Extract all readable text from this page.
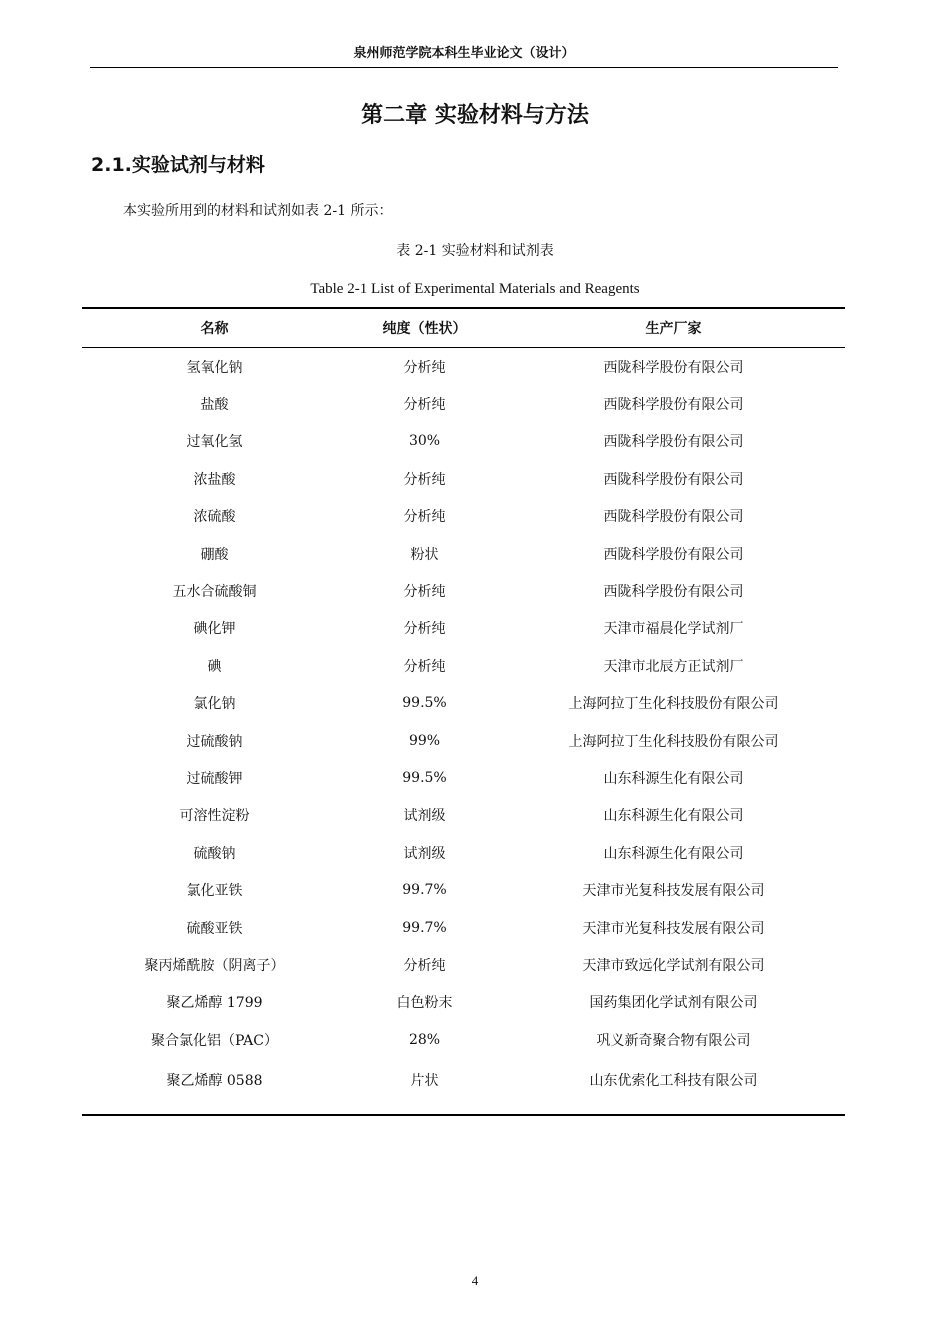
泉州师范学院本科生毕业论文（设计）
第二章 实验材料与方法
2.1.实验试剂与材料
本实验所用到的材料和试剂如表 2-1 所示：
表 2-1 实验材料和试剂表
Table 2-1 List of Experimental Materials and Reagents
名称	纯度（性状）	生产厂家
氢氧化钠	分析纯	西陇科学股份有限公司
盐酸	分析纯	西陇科学股份有限公司
过氧化氢	30%	西陇科学股份有限公司
浓盐酸	分析纯	西陇科学股份有限公司
浓硫酸	分析纯	西陇科学股份有限公司
硼酸	粉状	西陇科学股份有限公司
五水合硫酸铜	分析纯	西陇科学股份有限公司
碘化钾	分析纯	天津市福晨化学试剂厂
碘	分析纯	天津市北辰方正试剂厂
氯化钠	99.5%	上海阿拉丁生化科技股份有限公司
过硫酸钠	99%	上海阿拉丁生化科技股份有限公司
过硫酸钾	99.5%	山东科源生化有限公司
可溶性淀粉	试剂级	山东科源生化有限公司
硫酸钠	试剂级	山东科源生化有限公司
氯化亚铁	99.7%	天津市光复科技发展有限公司
硫酸亚铁	99.7%	天津市光复科技发展有限公司
聚丙烯酰胺（阴离子）	分析纯	天津市致远化学试剂有限公司
聚乙烯醇 1799	白色粉末	国药集团化学试剂有限公司
聚合氯化铝（PAC）	28%	巩义新奇聚合物有限公司
聚乙烯醇 0588	片状	山东优索化工科技有限公司
4
